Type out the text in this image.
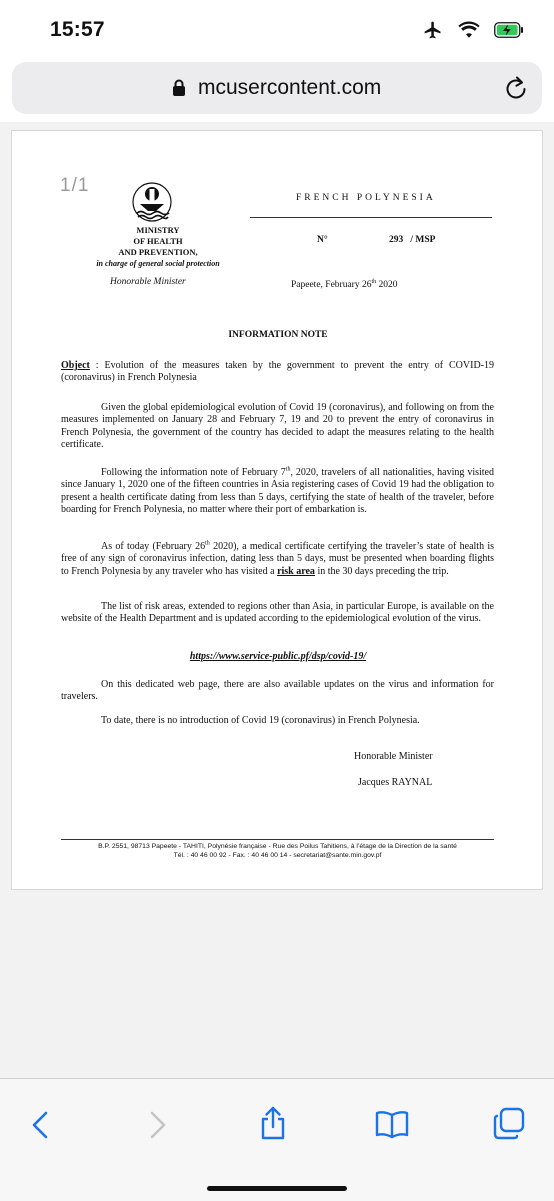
15:57
mcusercontent.com
1/1
MINISTRY
OF HEALTH
AND PREVENTION,
in charge of general social protection
FRENCH POLYNESIA
N°	293   / MSP
Honorable Minister	Papeete, February 26th 2020
INFORMATION NOTE
Object : Evolution of the measures taken by the government to prevent the entry of COVID-19 (coronavirus) in French Polynesia

Given the global epidemiological evolution of Covid 19 (coronavirus), and following on from the measures implemented on January 28 and February 7, 19 and 20 to prevent the entry of coronavirus in French Polynesia, the government of the country has decided to adapt the measures relating to the health certificate.

Following the information note of February 7th, 2020, travelers of all nationalities, having visited since January 1, 2020 one of the fifteen countries in Asia registering cases of Covid 19 had the obligation to present a health certificate dating from less than 5 days, certifying the state of health of the traveler, before boarding for French Polynesia, no matter where their port of embarkation is.

As of today (February 26th 2020), a medical certificate certifying the traveler’s state of health is free of any sign of coronavirus infection, dating less than 5 days, must be presented when boarding flights to French Polynesia by any traveler who has visited a risk area in the 30 days preceding the trip.

The list of risk areas, extended to regions other than Asia, in particular Europe, is available on the website of the Health Department and is updated according to the epidemiological evolution of the virus.

https://www.service-public.pf/dsp/covid-19/

On this dedicated web page, there are also available updates on the virus and information for travelers.

To date, there is no introduction of Covid 19 (coronavirus) in French Polynesia.

Honorable Minister
Jacques RAYNAL
B.P. 2551, 98713 Papeete - TAHITI, Polynésie française - Rue des Poilus Tahitiens, à l’étage de la Direction de la santé
Tél. : 40 46 00 92 - Fax. : 40 46 00 14 - secretariat@sante.min.gov.pf
